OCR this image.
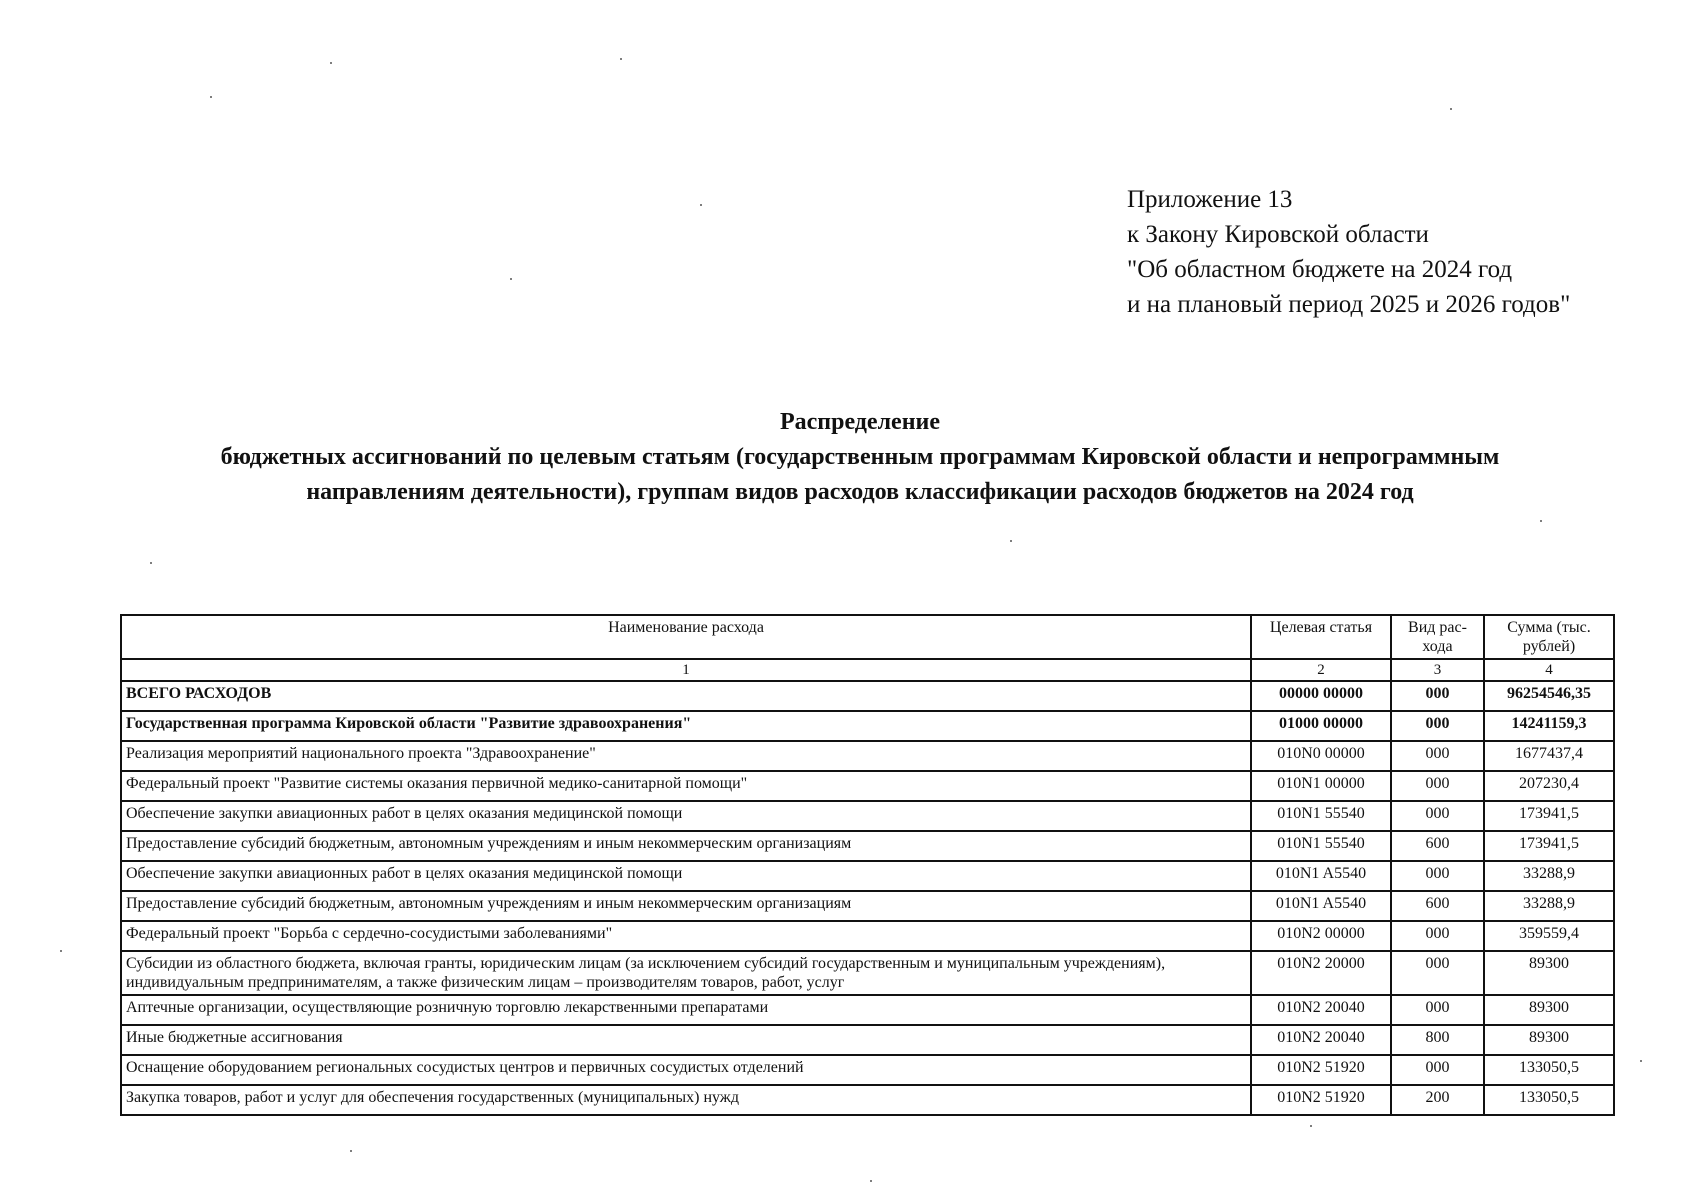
Приложение 13
к Закону Кировской области
"Об областном бюджете на 2024 год
и на плановый период 2025 и 2026 годов"
Распределение
бюджетных ассигнований по целевым статьям (государственным программам Кировской области и непрограммным
направлениям деятельности), группам видов расходов классификации расходов бюджетов на 2024 год
Наименование расхода	Целевая статья	Вид рас- хода	Сумма (тыс. рублей)
1	2	3	4
ВСЕГО РАСХОДОВ	00000 00000	000	96254546,35
Государственная программа Кировской области "Развитие здравоохранения"	01000 00000	000	14241159,3
Реализация мероприятий национального проекта "Здравоохранение"	010N0 00000	000	1677437,4
Федеральный проект "Развитие системы оказания первичной медико-санитарной помощи"	010N1 00000	000	207230,4
Обеспечение закупки авиационных работ в целях оказания медицинской помощи	010N1 55540	000	173941,5
Предоставление субсидий бюджетным, автономным учреждениям и иным некоммерческим организациям	010N1 55540	600	173941,5
Обеспечение закупки авиационных работ в целях оказания медицинской помощи	010N1 A5540	000	33288,9
Предоставление субсидий бюджетным, автономным учреждениям и иным некоммерческим организациям	010N1 A5540	600	33288,9
Федеральный проект "Борьба с сердечно-сосудистыми заболеваниями"	010N2 00000	000	359559,4
Субсидии из областного бюджета, включая гранты, юридическим лицам (за исключением субсидий государственным и муниципальным учреждениям), индивидуальным предпринимателям, а также физическим лицам – производителям товаров, работ, услуг	010N2 20000	000	89300
Аптечные организации, осуществляющие розничную торговлю лекарственными препаратами	010N2 20040	000	89300
Иные бюджетные ассигнования	010N2 20040	800	89300
Оснащение оборудованием региональных сосудистых центров и первичных сосудистых отделений	010N2 51920	000	133050,5
Закупка товаров, работ и услуг для обеспечения государственных (муниципальных) нужд	010N2 51920	200	133050,5
